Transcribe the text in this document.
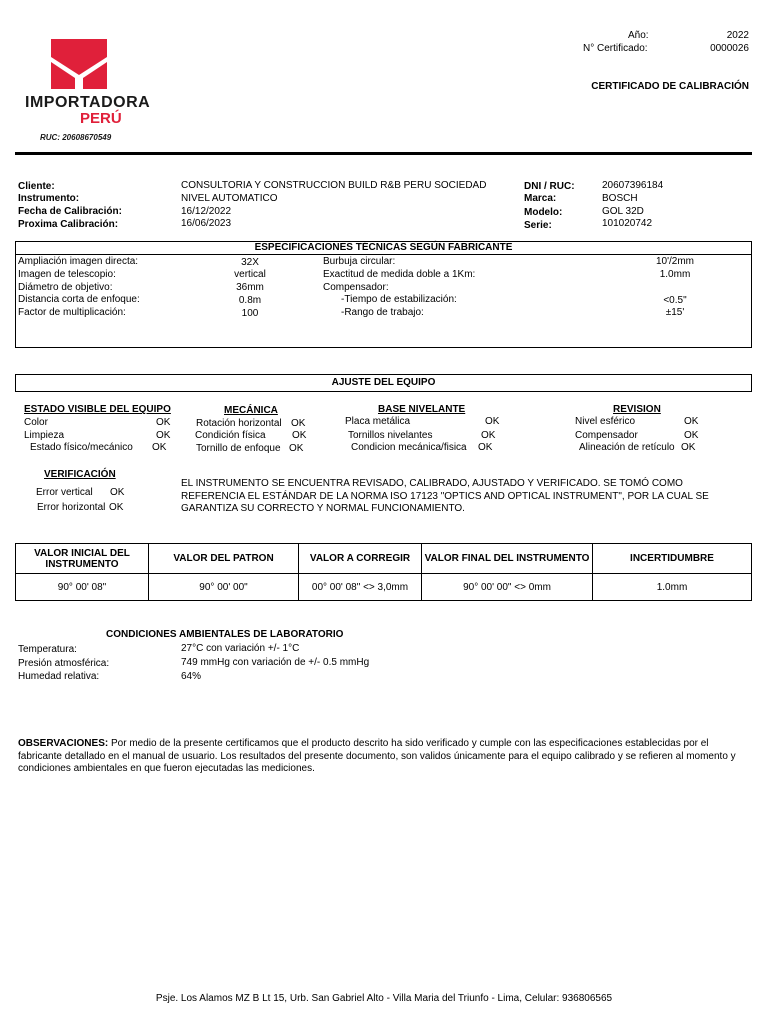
IMPORTADORA
PERÚ
RUC: 20608670549
Año:	2022
N° Certificado:	0000026
CERTIFICADO DE CALIBRACIÓN
Cliente:	CONSULTORIA Y CONSTRUCCION BUILD R&B PERU SOCIEDAD
Instrumento:	NIVEL AUTOMATICO
Fecha de Calibración:	16/12/2022
Proxima Calibración:	16/06/2023
DNI / RUC:	20607396184
Marca:	BOSCH
Modelo:	GOL 32D
Serie:	101020742
ESPECIFICACIONES TÉCNICAS SEGÚN FABRICANTE
Ampliación imagen directa:	32X
Imagen de telescopio:	vertical
Diámetro de objetivo:	36mm
Distancia corta de enfoque:	0.8m
Factor de multiplicación:	100
Burbuja circular:	10'/2mm
Exactitud de medida doble a 1Km:	1.0mm
Compensador:
-Tiempo de estabilización:	<0.5"
-Rango de trabajo:	±15'
AJUSTE DEL EQUIPO
ESTADO VISIBLE DEL EQUIPO
Color	OK
Limpieza	OK
Estado físico/mecánico OK
MECÁNICA
Rotación horizontal OK
Condición física	OK
Tornillo de enfoque OK
BASE NIVELANTE
Placa metálica	OK
Tornillos nivelantes	OK
Condicion mecánica/fisica OK
REVISION
Nivel esférico	OK
Compensador	OK
Alineación de retículo OK
VERIFICACIÓN
Error vertical OK
Error horizontal OK
EL INSTRUMENTO SE ENCUENTRA REVISADO, CALIBRADO, AJUSTADO Y VERIFICADO. SE TOMÓ COMO REFERENCIA EL ESTÁNDAR DE LA NORMA ISO 17123 "OPTICS AND OPTICAL INSTRUMENT", POR LA CUAL SE GARANTIZA SU CORRECTO Y NORMAL FUNCIONAMIENTO.
VALOR INICIAL DEL INSTRUMENTO	VALOR DEL PATRON	VALOR A CORREGIR	VALOR FINAL DEL INSTRUMENTO	INCERTIDUMBRE
90° 00' 08"	90° 00' 00"	00° 00' 08" <> 3,0mm	90° 00' 00" <> 0mm	1.0mm
CONDICIONES AMBIENTALES DE LABORATORIO
Temperatura:	27°C con variación +/- 1°C
Presión atmosférica:	749 mmHg con variación de +/- 0.5 mmHg
Humedad relativa:	64%
OBSERVACIONES: Por medio de la presente certificamos que el producto descrito ha sido verificado y cumple con las especificaciones establecidas por el fabricante detallado en el manual de usuario. Los resultados del presente documento, son validos únicamente para el equipo calibrado y se refieren al momento y condiciones ambientales en que fueron ejecutadas las mediciones.
Psje. Los Alamos MZ B Lt 15, Urb. San Gabriel Alto - Villa Maria del Triunfo - Lima, Celular: 936806565
